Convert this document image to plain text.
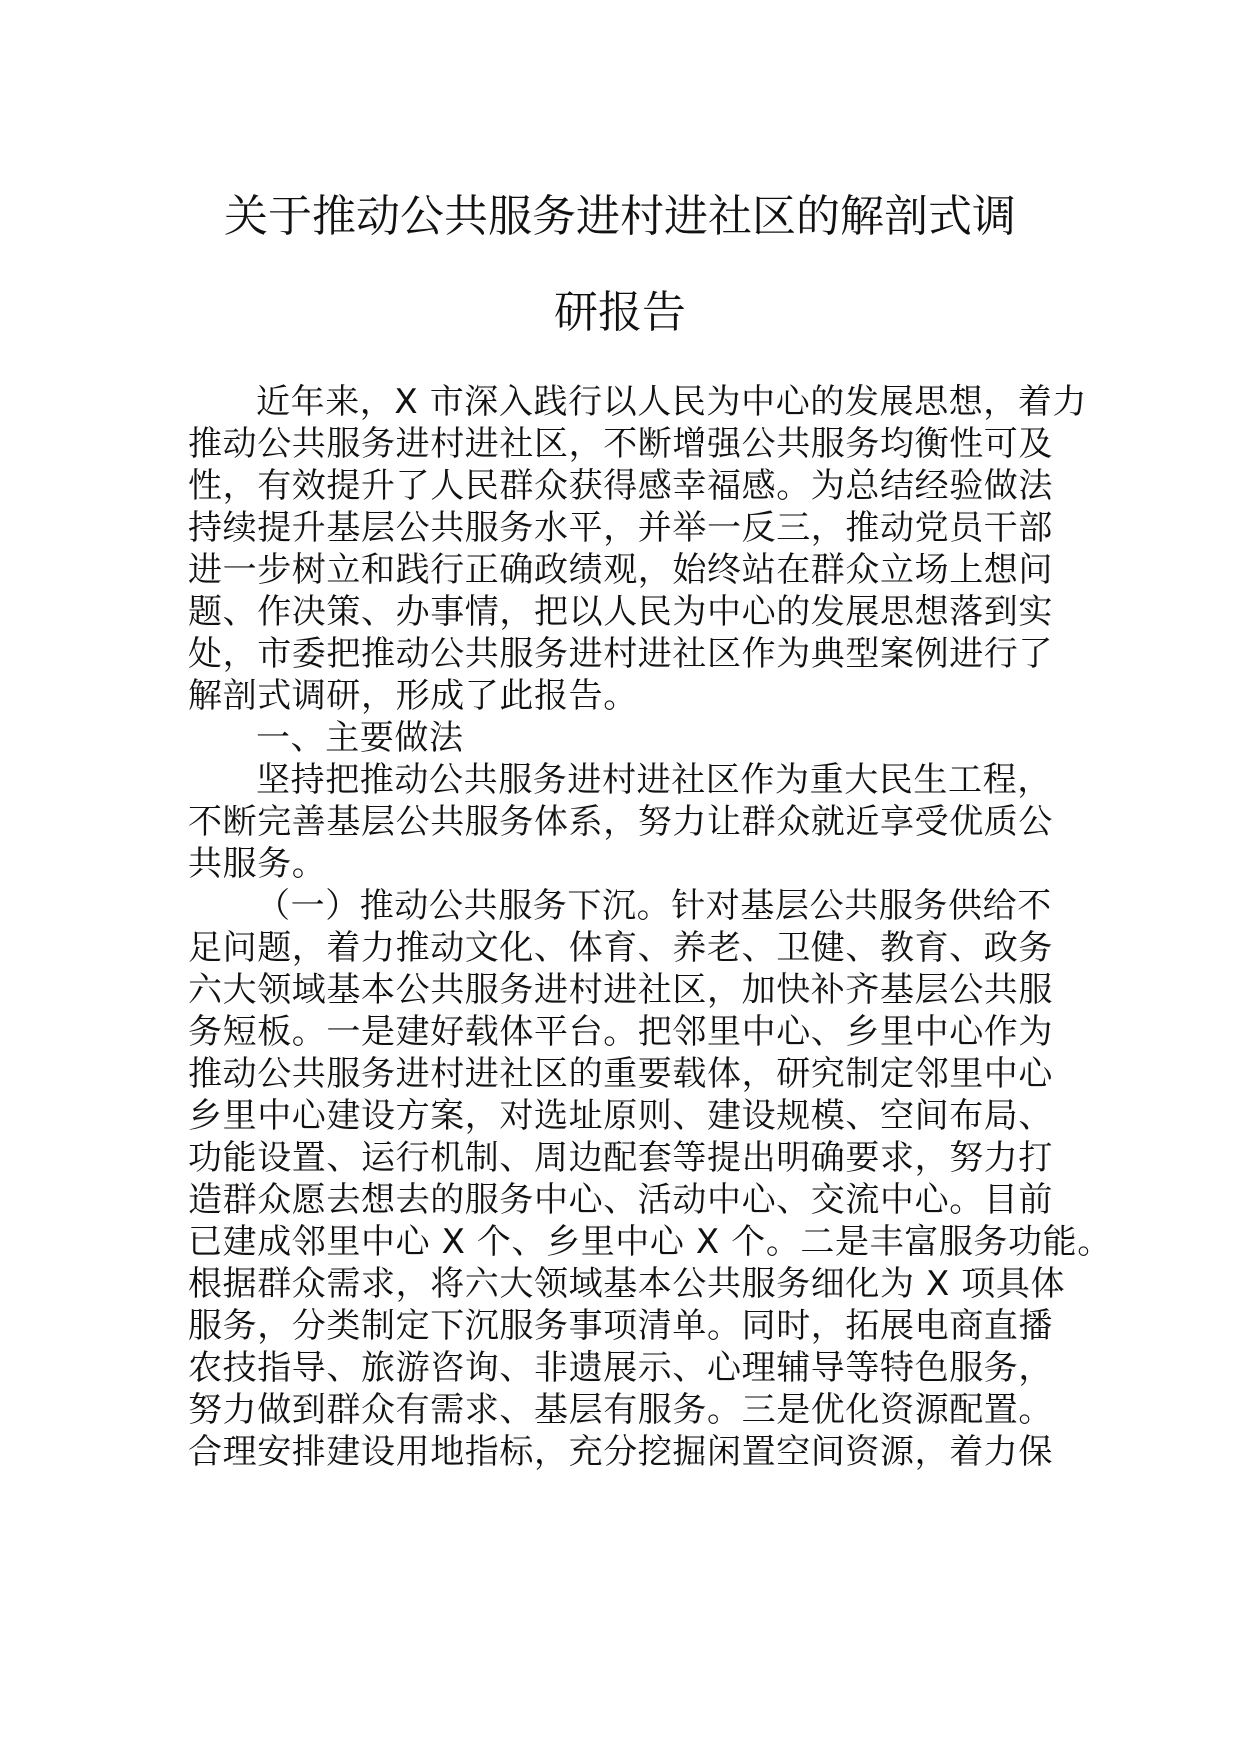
关于推动公共服务进村进社区的解剖式调
研报告

近年来，X 市深入践行以人民为中心的发展思想，着力

推动公共服务进村进社区，不断增强公共服务均衡性可及

性，有效提升了人民群众获得感幸福感。为总结经验做法

持续提升基层公共服务水平，并举一反三，推动党员干部

进一步树立和践行正确政绩观，始终站在群众立场上想问

题、作决策、办事情，把以人民为中心的发展思想落到实

处，市委把推动公共服务进村进社区作为典型案例进行了

解剖式调研，形成了此报告。

一、主要做法

坚持把推动公共服务进村进社区作为重大民生工程，

不断完善基层公共服务体系，努力让群众就近享受优质公

共服务。

（一）推动公共服务下沉。针对基层公共服务供给不

足问题，着力推动文化、体育、养老、卫健、教育、政务

六大领域基本公共服务进村进社区，加快补齐基层公共服

务短板。一是建好载体平台。把邻里中心、乡里中心作为

推动公共服务进村进社区的重要载体，研究制定邻里中心

乡里中心建设方案，对选址原则、建设规模、空间布局、

功能设置、运行机制、周边配套等提出明确要求，努力打

造群众愿去想去的服务中心、活动中心、交流中心。目前

已建成邻里中心 X 个、乡里中心 X 个。二是丰富服务功能。

根据群众需求，将六大领域基本公共服务细化为 X 项具体

服务，分类制定下沉服务事项清单。同时，拓展电商直播

农技指导、旅游咨询、非遗展示、心理辅导等特色服务，

努力做到群众有需求、基层有服务。三是优化资源配置。

合理安排建设用地指标，充分挖掘闲置空间资源，着力保
